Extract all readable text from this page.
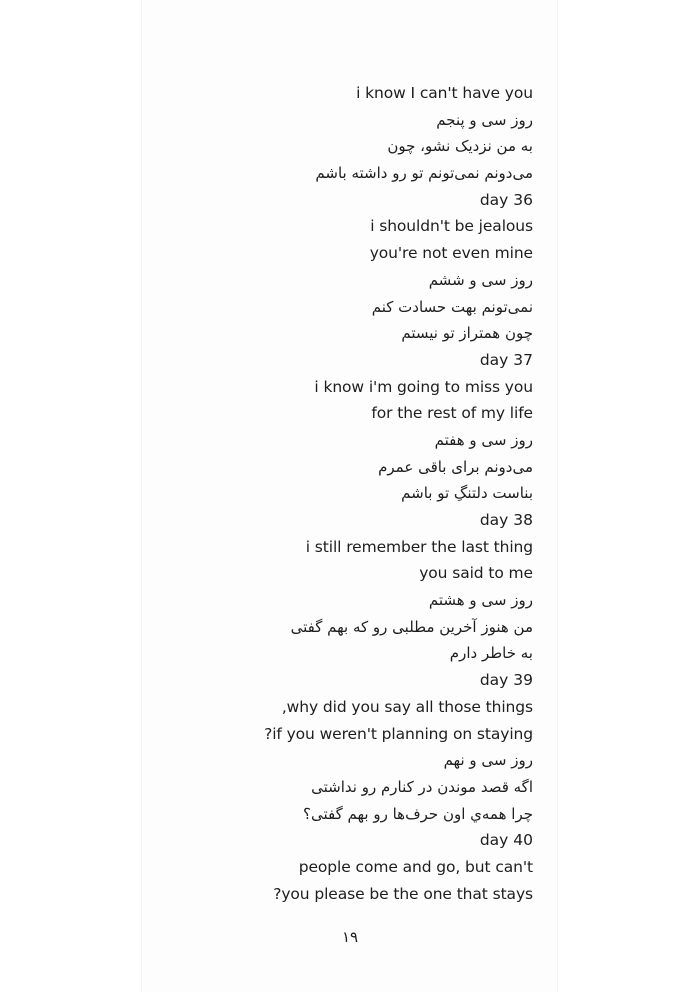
i know I can't have you
روز سی و پنجم
به من نزدیک نشو، چون
می‌دونم نمی‌تونم تو رو داشته باشم
day 36
i shouldn't be jealous
you're not even mine
روز سی و ششم
نمی‌تونم بهت حسادت کنم
چون همتراز تو نیستم
day 37
i know i'm going to miss you
for the rest of my life
روز سی و هفتم
می‌دونم برای باقی عمرم
بناست دلتنگِ تو باشم
day 38
i still remember the last thing
you said to me
روز سی و هشتم
من هنوز آخرین مطلبی رو که بهم گفتی
به خاطر دارم
day 39
,why did you say all those things
?if you weren't planning on staying
روز سی و نهم
اگه قصد موندن در کنارم رو نداشتی
چرا همه‌ي اون حرف‌ها رو بهم گفتی؟
day 40
people come and go, but can't
?you please be the one that stays
۱۹
